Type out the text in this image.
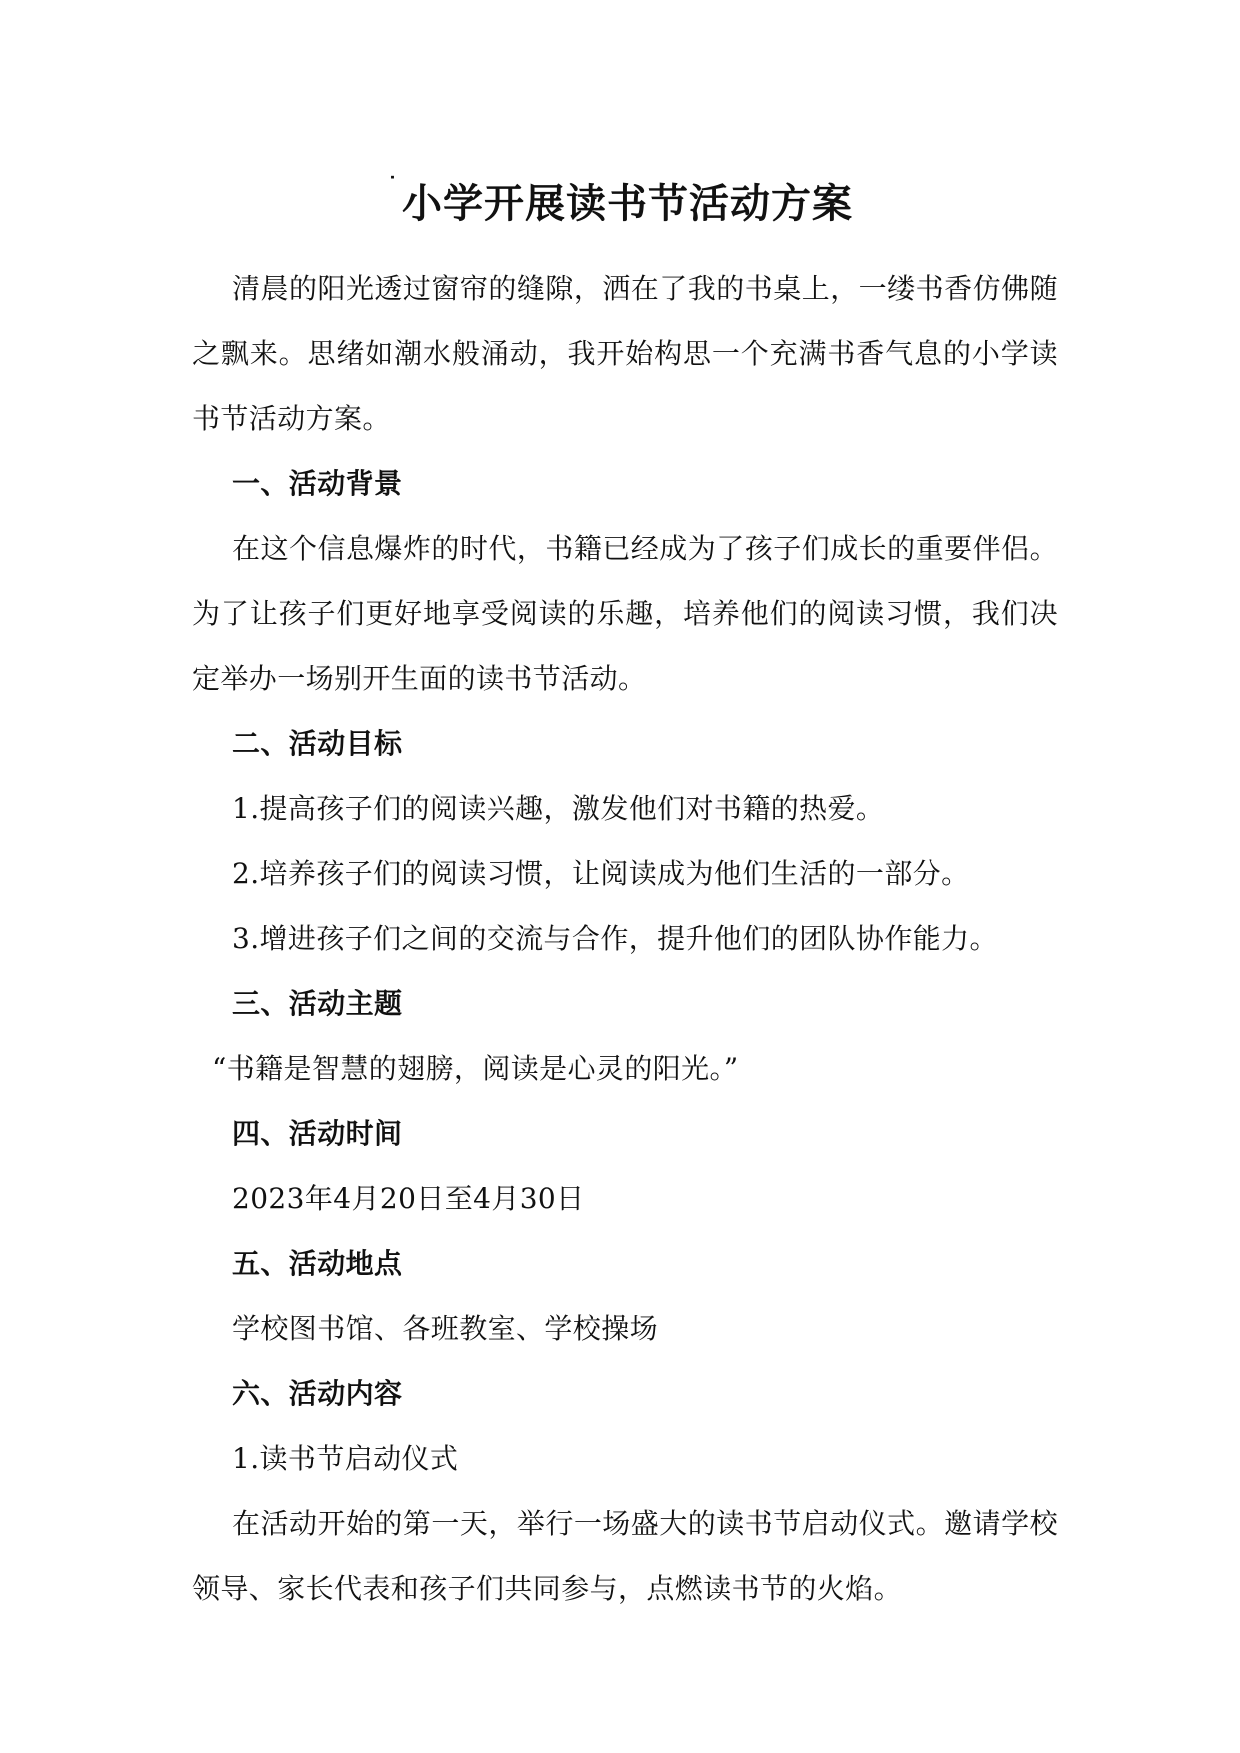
˙ 小学开展读书节活动方案

清晨的阳光透过窗帘的缝隙，洒在了我的书桌上，一缕书香仿佛随之飘来。思绪如潮水般涌动，我开始构思一个充满书香气息的小学读书节活动方案。

一、活动背景

在这个信息爆炸的时代，书籍已经成为了孩子们成长的重要伴侣。为了让孩子们更好地享受阅读的乐趣，培养他们的阅读习惯，我们决定举办一场别开生面的读书节活动。

二、活动目标

1.提高孩子们的阅读兴趣，激发他们对书籍的热爱。

2.培养孩子们的阅读习惯，让阅读成为他们生活的一部分。

3.增进孩子们之间的交流与合作，提升他们的团队协作能力。

三、活动主题

“书籍是智慧的翅膀，阅读是心灵的阳光。”

四、活动时间

2023年4月20日至4月30日

五、活动地点

学校图书馆、各班教室、学校操场

六、活动内容

1.读书节启动仪式

在活动开始的第一天，举行一场盛大的读书节启动仪式。邀请学校领导、家长代表和孩子们共同参与，点燃读书节的火焰。
